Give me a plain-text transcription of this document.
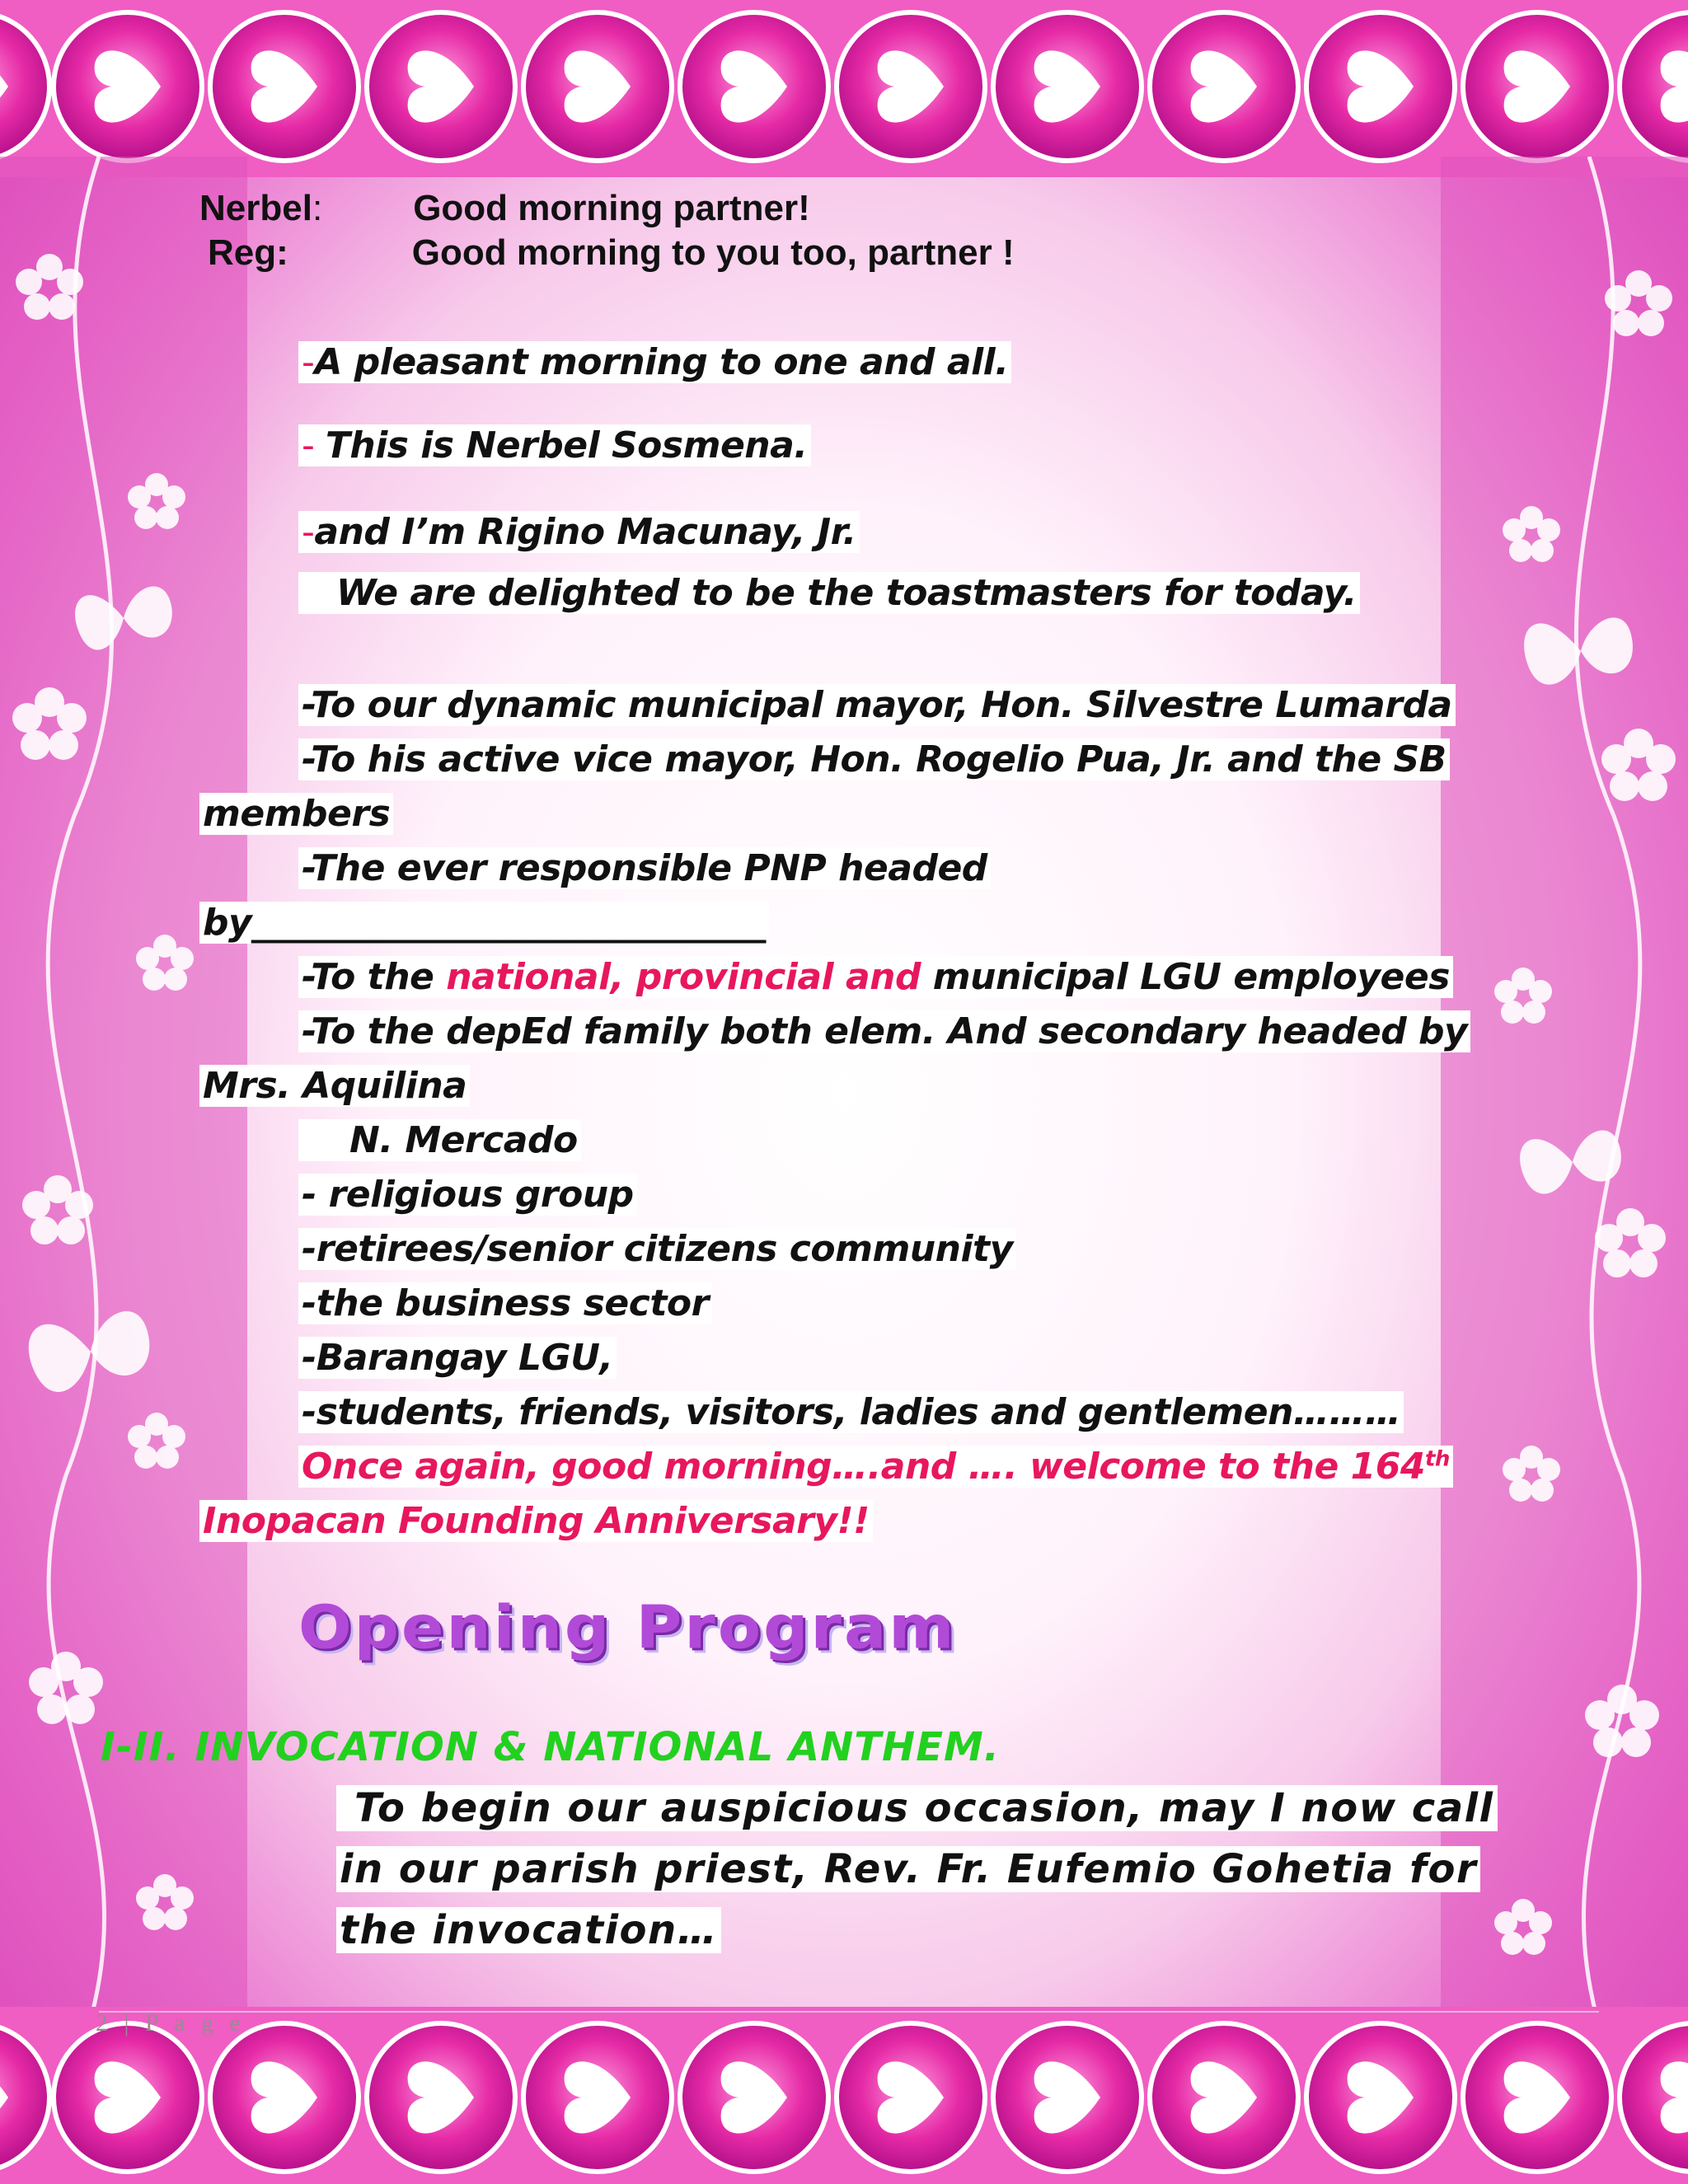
Nerbel:	Good morning partner!
Reg:	Good morning to you too, partner !
-A pleasant morning to one and all.
- This is Nerbel Sosmena.
-and I’m Rigino Macunay, Jr.
We are delighted to be the toastmasters for today.
-To our dynamic municipal mayor, Hon. Silvestre Lumarda
-To his active vice mayor, Hon. Rogelio Pua, Jr. and the SB
members
-The ever responsible PNP headed
by_____________________________
-To the national, provincial and municipal LGU employees
-To the depEd family both elem. And secondary headed by
Mrs. Aquilina
N. Mercado
- religious group
-retirees/senior citizens community
-the business sector
-Barangay LGU,
-students, friends, visitors, ladies and gentlemen………
Once again, good morning….and …. welcome to the 164th
Inopacan Founding Anniversary!!
Opening Program
I-II. INVOCATION & NATIONAL ANTHEM.
To begin our auspicious occasion, may I now call
in our parish priest, Rev. Fr. Eufemio Gohetia for
the invocation…
2 | P a g e
